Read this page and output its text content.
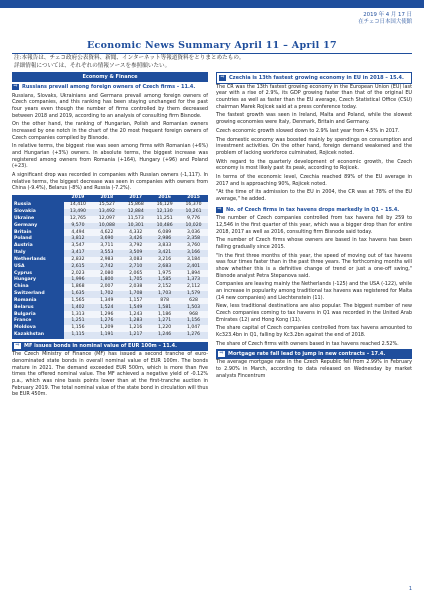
2019 年 4 月 17 日
在チェコ日本国大使館
Economic News Summary April 11 – April 17
注:本報告は、チェコ政府公表資料、新聞、インターネット等報道資料をとりまとめたもの。
詳細情報については、それぞれの情報ソースを参照願いたい。
Economy & Finance
⇨ Russians prevail among foreign owners of Czech firms – 11.4.

Russians, Slovaks, Ukrainians and Germans prevail among foreign owners of Czech companies, and this ranking has been staying unchanged for the past four years even though the number of firms controlled by them decreased between 2018 and 2019, according to an analysis of consulting firm Bisnode.

On the other hand, the ranking of Hungarian, Polish and Romanian owners increased by one notch in the chart of the 20 most frequent foreign owners of Czech companies compiled by Bisnode.

In relative terms, the biggest rise was seen among firms with Romanian (+6%) and Hungarian (+3%) owners. In absolute terms, the biggest increase was registered among owners from Romania (+164), Hungary (+96) and Poland (+23).

A significant drop was recorded in companies with Russian owners (-1,117). In relative terms, the biggest decrease was seen in companies with owners from China (-9.4%), Belarus (-8%) and Russia (-7.2%).

	2019	2018	2017	2016	2015
Russia	14,410	15,527	15,868	16,129	16,370
Slovakia	13,490	13,492	12,884	12,130	10,261
Ukraine	12,765	12,097	11,573	11,251	9,776
Germany	9,570	10,088	10,301	10,486	10,020
Britain	4,494	4,622	4,332	6,089	3,036
Poland	3,812	3,690	3,426	2,986	2,358
Austria	3,547	3,711	3,792	3,833	3,760
Italy	3,417	3,553	3,509	3,421	3,166
Netherlands	2,832	2,983	3,083	3,216	3,184
USA	2,615	2,742	2,710	2,683	2,401
Cyprus	2,023	2,080	2,065	1,975	1,894
Hungary	1,996	1,800	1,705	1,585	1,373
China	1,868	2,007	2,038	2,152	2,112
Switzerland	1,635	1,702	1,708	1,703	1,579
Romania	1,565	1,349	1,157	878	628
Belarus	1,402	1,524	1,549	1,581	1,503
Bulgaria	1,313	1,296	1,243	1,186	968
France	1,251	1,276	1,283	1,271	1,156
Moldova	1,156	1,209	1,216	1,220	1,047
Kazakhstan	1,115	1,191	1,217	1,246	1,276
⇨ MF issues bonds in nominal value of EUR 100m – 11.4.

The Czech Ministry of Finance (MF) has issued a second tranche of euro-denominated state bonds in overall nominal value of EUR 100m. The bonds mature in 2021. The demand exceeded EUR 500m, which is more than five times the offered nominal value. The MF achieved a negative yield of -0.12% p.a., which was nine basis points lower than at the first-tranche auction in February 2019. The total nominal value of the state bond in circulation will thus be EUR 450m.

⇨ Czechia is 13th fastest growing economy in EU in 2018 – 15.4.

The CR was the 13th fastest growing economy in the European Union (EU) last year with a rise of 2.9%, its GDP growing faster than that of the original EU countries as well as faster than the EU average, Czech Statistical Office (CSU) chairman Marek Rojicek said at a press conference today.

The fastest growth was seen in Ireland, Malta and Poland, while the slowest growing economies were Italy, Denmark, Britain and Germany.

Czech economic growth slowed down to 2.9% last year from 4.5% in 2017.

The domestic economy was boosted mainly by spendings on consumption and investment activities. On the other hand, foreign demand weakened and the problem of lacking workforce culminated, Rojicek noted.

With regard to the quarterly development of economic growth, the Czech economy is most likely past its peak, according to Rojicek.

In terms of the economic level, Czechia reached 89% of the EU average in 2017 and is approaching 90%, Rojicek noted.

"At the time of its admission to the EU in 2004, the CR was at 78% of the EU average," he added.

⇨ No. of Czech firms in tax havens drops markedly in Q1 – 15.4.

The number of Czech companies controlled from tax havens fell by 259 to 12,546 in the first quarter of this year, which was a bigger drop than for entire 2018, 2017 as well as 2016, consulting firm Bisnode said today.

The number of Czech firms whose owners are based in tax havens has been falling gradually since 2015.

"In the first three months of this year, the speed of moving out of tax havens was four times faster than in the past three years. The forthcoming months will show whether this is a definitive change of trend or just a one-off swing," Bisnode analyst Petra Stepanova said.

Companies are leaving mainly the Netherlands (-125) and the USA (-122), while an increase in popularity among traditional tax havens was registered for Malta (14 new companies) and Liechtenstein (11).

New, less traditional destinations are also popular. The biggest number of new Czech companies coming to tax havens in Q1 was recorded in the United Arab Emirates (12) and Hong Kong (11).

The share capital of Czech companies controlled from tax havens amounted to Kc323.4bn in Q1, falling by Kc3.2bn against the end of 2018.

The share of Czech firms with owners based in tax havens reached 2.52%.

⇨ Mortgage rate fall lead to jump in new contracts – 17.4.

The average mortgage rate in the Czech Republic fell from 2.99% in February to 2.90% in March, according to data released on Wednesday by market analysts Fincentrum

1
